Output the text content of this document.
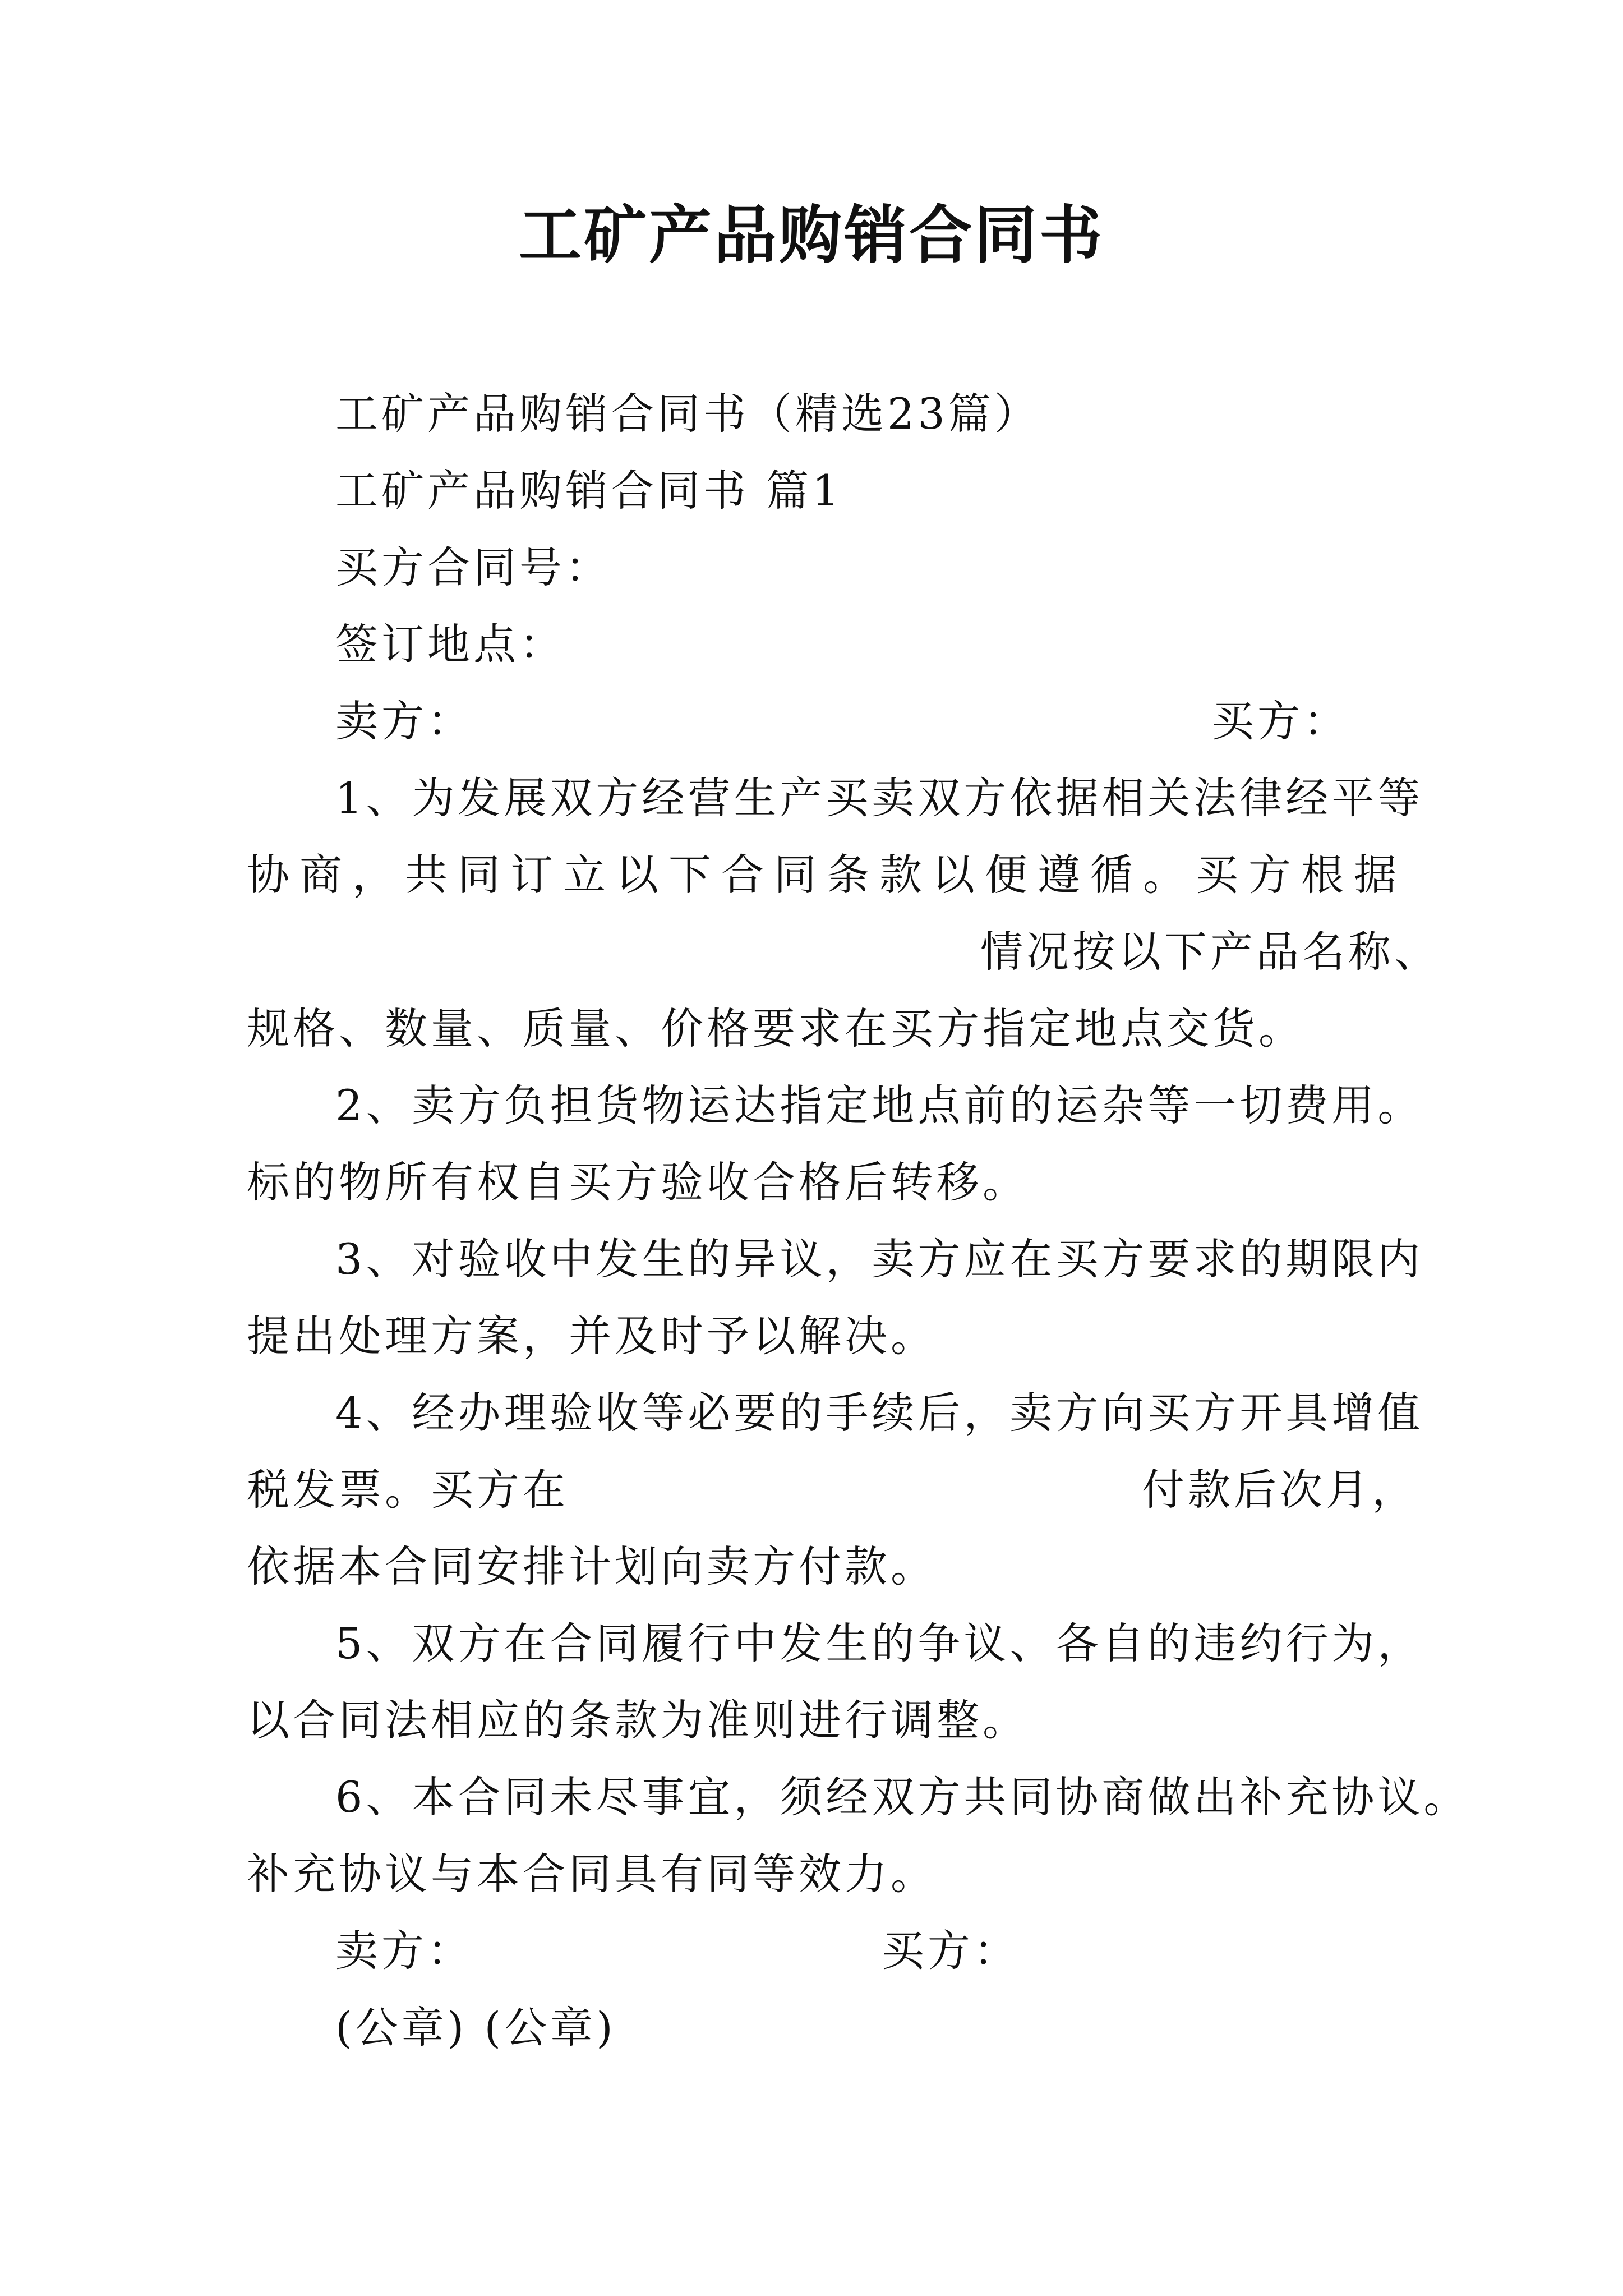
工矿产品购销合同书
工矿产品购销合同书（精选23篇）
工矿产品购销合同书 篇1
买方合同号：
签订地点：
卖方：	买方：
1、为发展双方经营生产买卖双方依据相关法律经平等
协商，共同订立以下合同条款以便遵循。买方根据
情况按以下产品名称、
规格、数量、质量、价格要求在买方指定地点交货。
2、卖方负担货物运达指定地点前的运杂等一切费用。
标的物所有权自买方验收合格后转移。
3、对验收中发生的异议，卖方应在买方要求的期限内
提出处理方案，并及时予以解决。
4、经办理验收等必要的手续后，卖方向买方开具增值
税发票。买方在	付款后次月，
依据本合同安排计划向卖方付款。
5、双方在合同履行中发生的争议、各自的违约行为，
以合同法相应的条款为准则进行调整。
6、本合同未尽事宜，须经双方共同协商做出补充协议。
补充协议与本合同具有同等效力。
卖方：	买方：
(公章) (公章)
